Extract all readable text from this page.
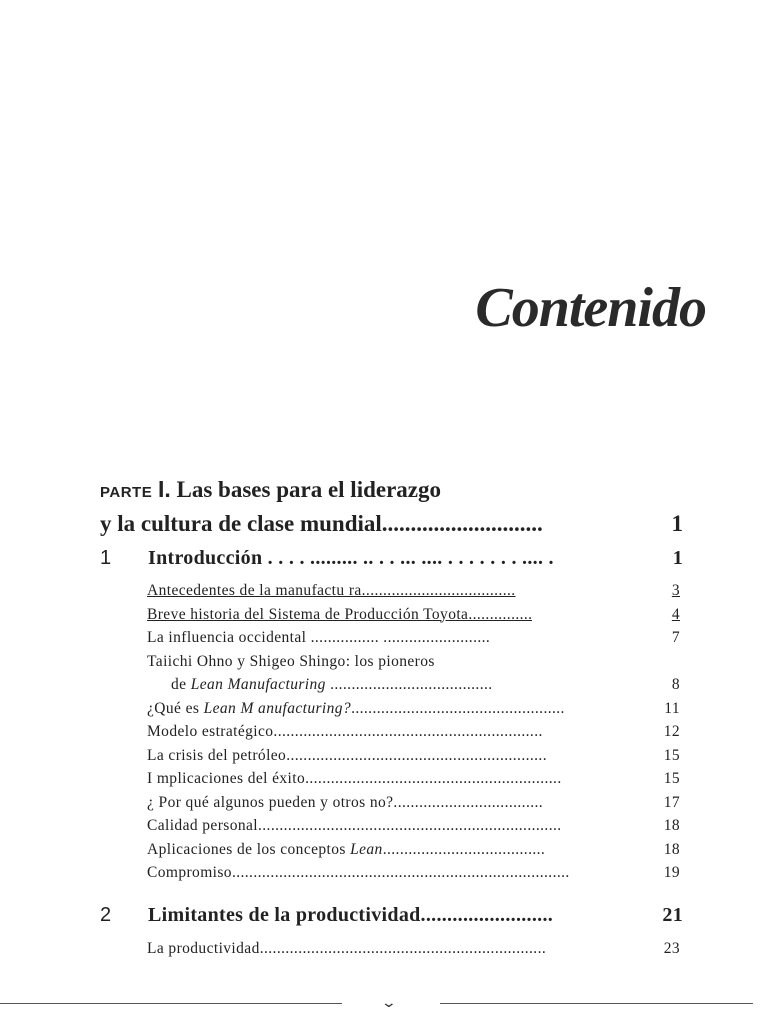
Contenido
PARTE I. Las bases para el liderazgo
y la cultura de clase mundial............................	1
1	Introducción . . . . ......... .. . . ... .... . . . . . . . .... .	1
Antecedentes de la manufactu ra....................................	3
Breve historia del Sistema de Producción Toyota...............	4
La influencia occidental ................ .........................	7
Taiichi Ohno y Shigeo Shingo: los pioneros
de Lean Manufacturing ......................................	8
¿Qué es Lean M anufacturing?..................................................	11
Modelo estratégico...............................................................	12
La crisis del petróleo.............................................................	15
I mplicaciones del éxito............................................................	15
¿ Por qué algunos pueden y otros no?...................................	17
Calidad personal.......................................................................	18
Aplicaciones de los conceptos Lean......................................	18
Compromiso...............................................................................	19
2	Limitantes de la productividad.........................	21
La productividad...................................................................	23
⌄
